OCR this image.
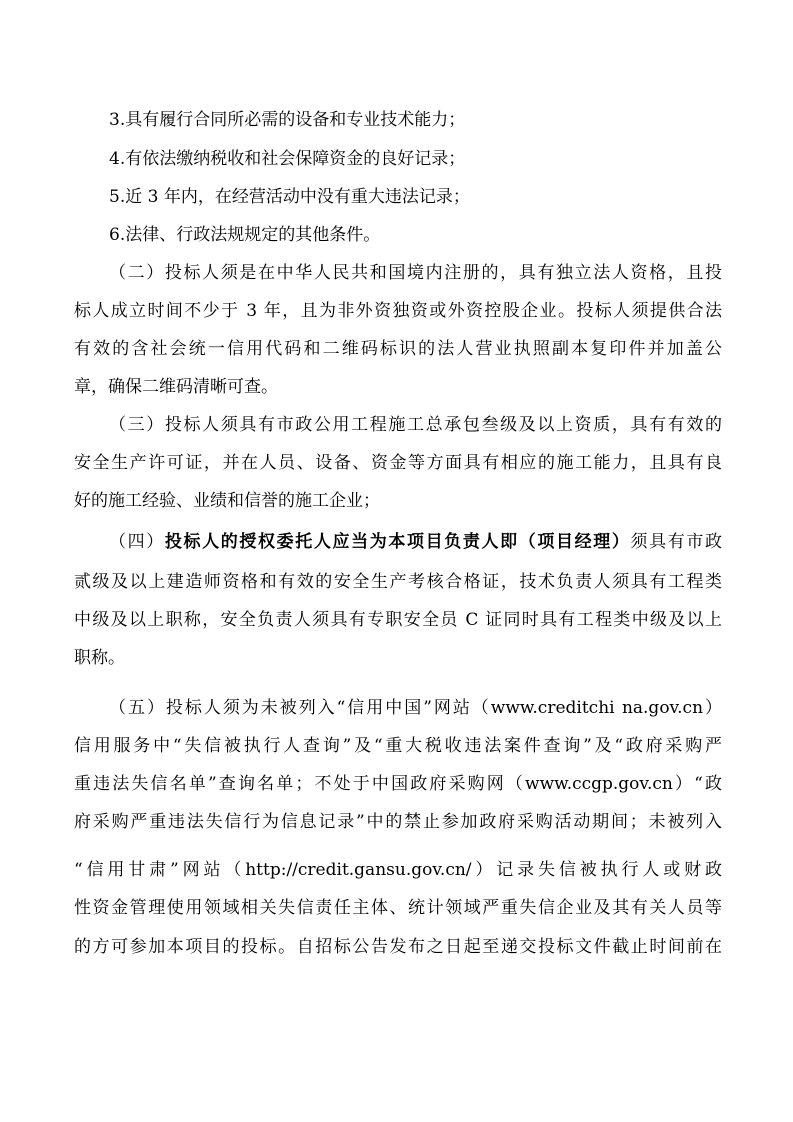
3.具有履行合同所必需的设备和专业技术能力；
4.有依法缴纳税收和社会保障资金的良好记录；
5.近 3 年内，在经营活动中没有重大违法记录；
6.法律、行政法规规定的其他条件。
（二）投标人须是在中华人民共和国境内注册的，具有独立法人资格，且投
标人成立时间不少于 3 年，且为非外资独资或外资控股企业。投标人须提供合法
有效的含社会统一信用代码和二维码标识的法人营业执照副本复印件并加盖公
章，确保二维码清晰可查。
（三）投标人须具有市政公用工程施工总承包叁级及以上资质，具有有效的
安全生产许可证，并在人员、设备、资金等方面具有相应的施工能力，且具有良
好的施工经验、业绩和信誉的施工企业；
（四）投标人的授权委托人应当为本项目负责人即（项目经理）须具有市政
贰级及以上建造师资格和有效的安全生产考核合格证，技术负责人须具有工程类
中级及以上职称，安全负责人须具有专职安全员 C 证同时具有工程类中级及以上
职称。
（五）投标人须为未被列入“信用中国”网站（www.creditchi na.gov.cn）
信用服务中“失信被执行人查询”及“重大税收违法案件查询”及“政府采购严
重违法失信名单”查询名单；不处于中国政府采购网（www.ccgp.gov.cn）“政
府采购严重违法失信行为信息记录”中的禁止参加政府采购活动期间；未被列入
“信用甘肃”网站（http://credit.gansu.gov.cn/）记录失信被执行人或财政
性资金管理使用领域相关失信责任主体、统计领域严重失信企业及其有关人员等
的方可参加本项目的投标。自招标公告发布之日起至递交投标文件截止时间前在
